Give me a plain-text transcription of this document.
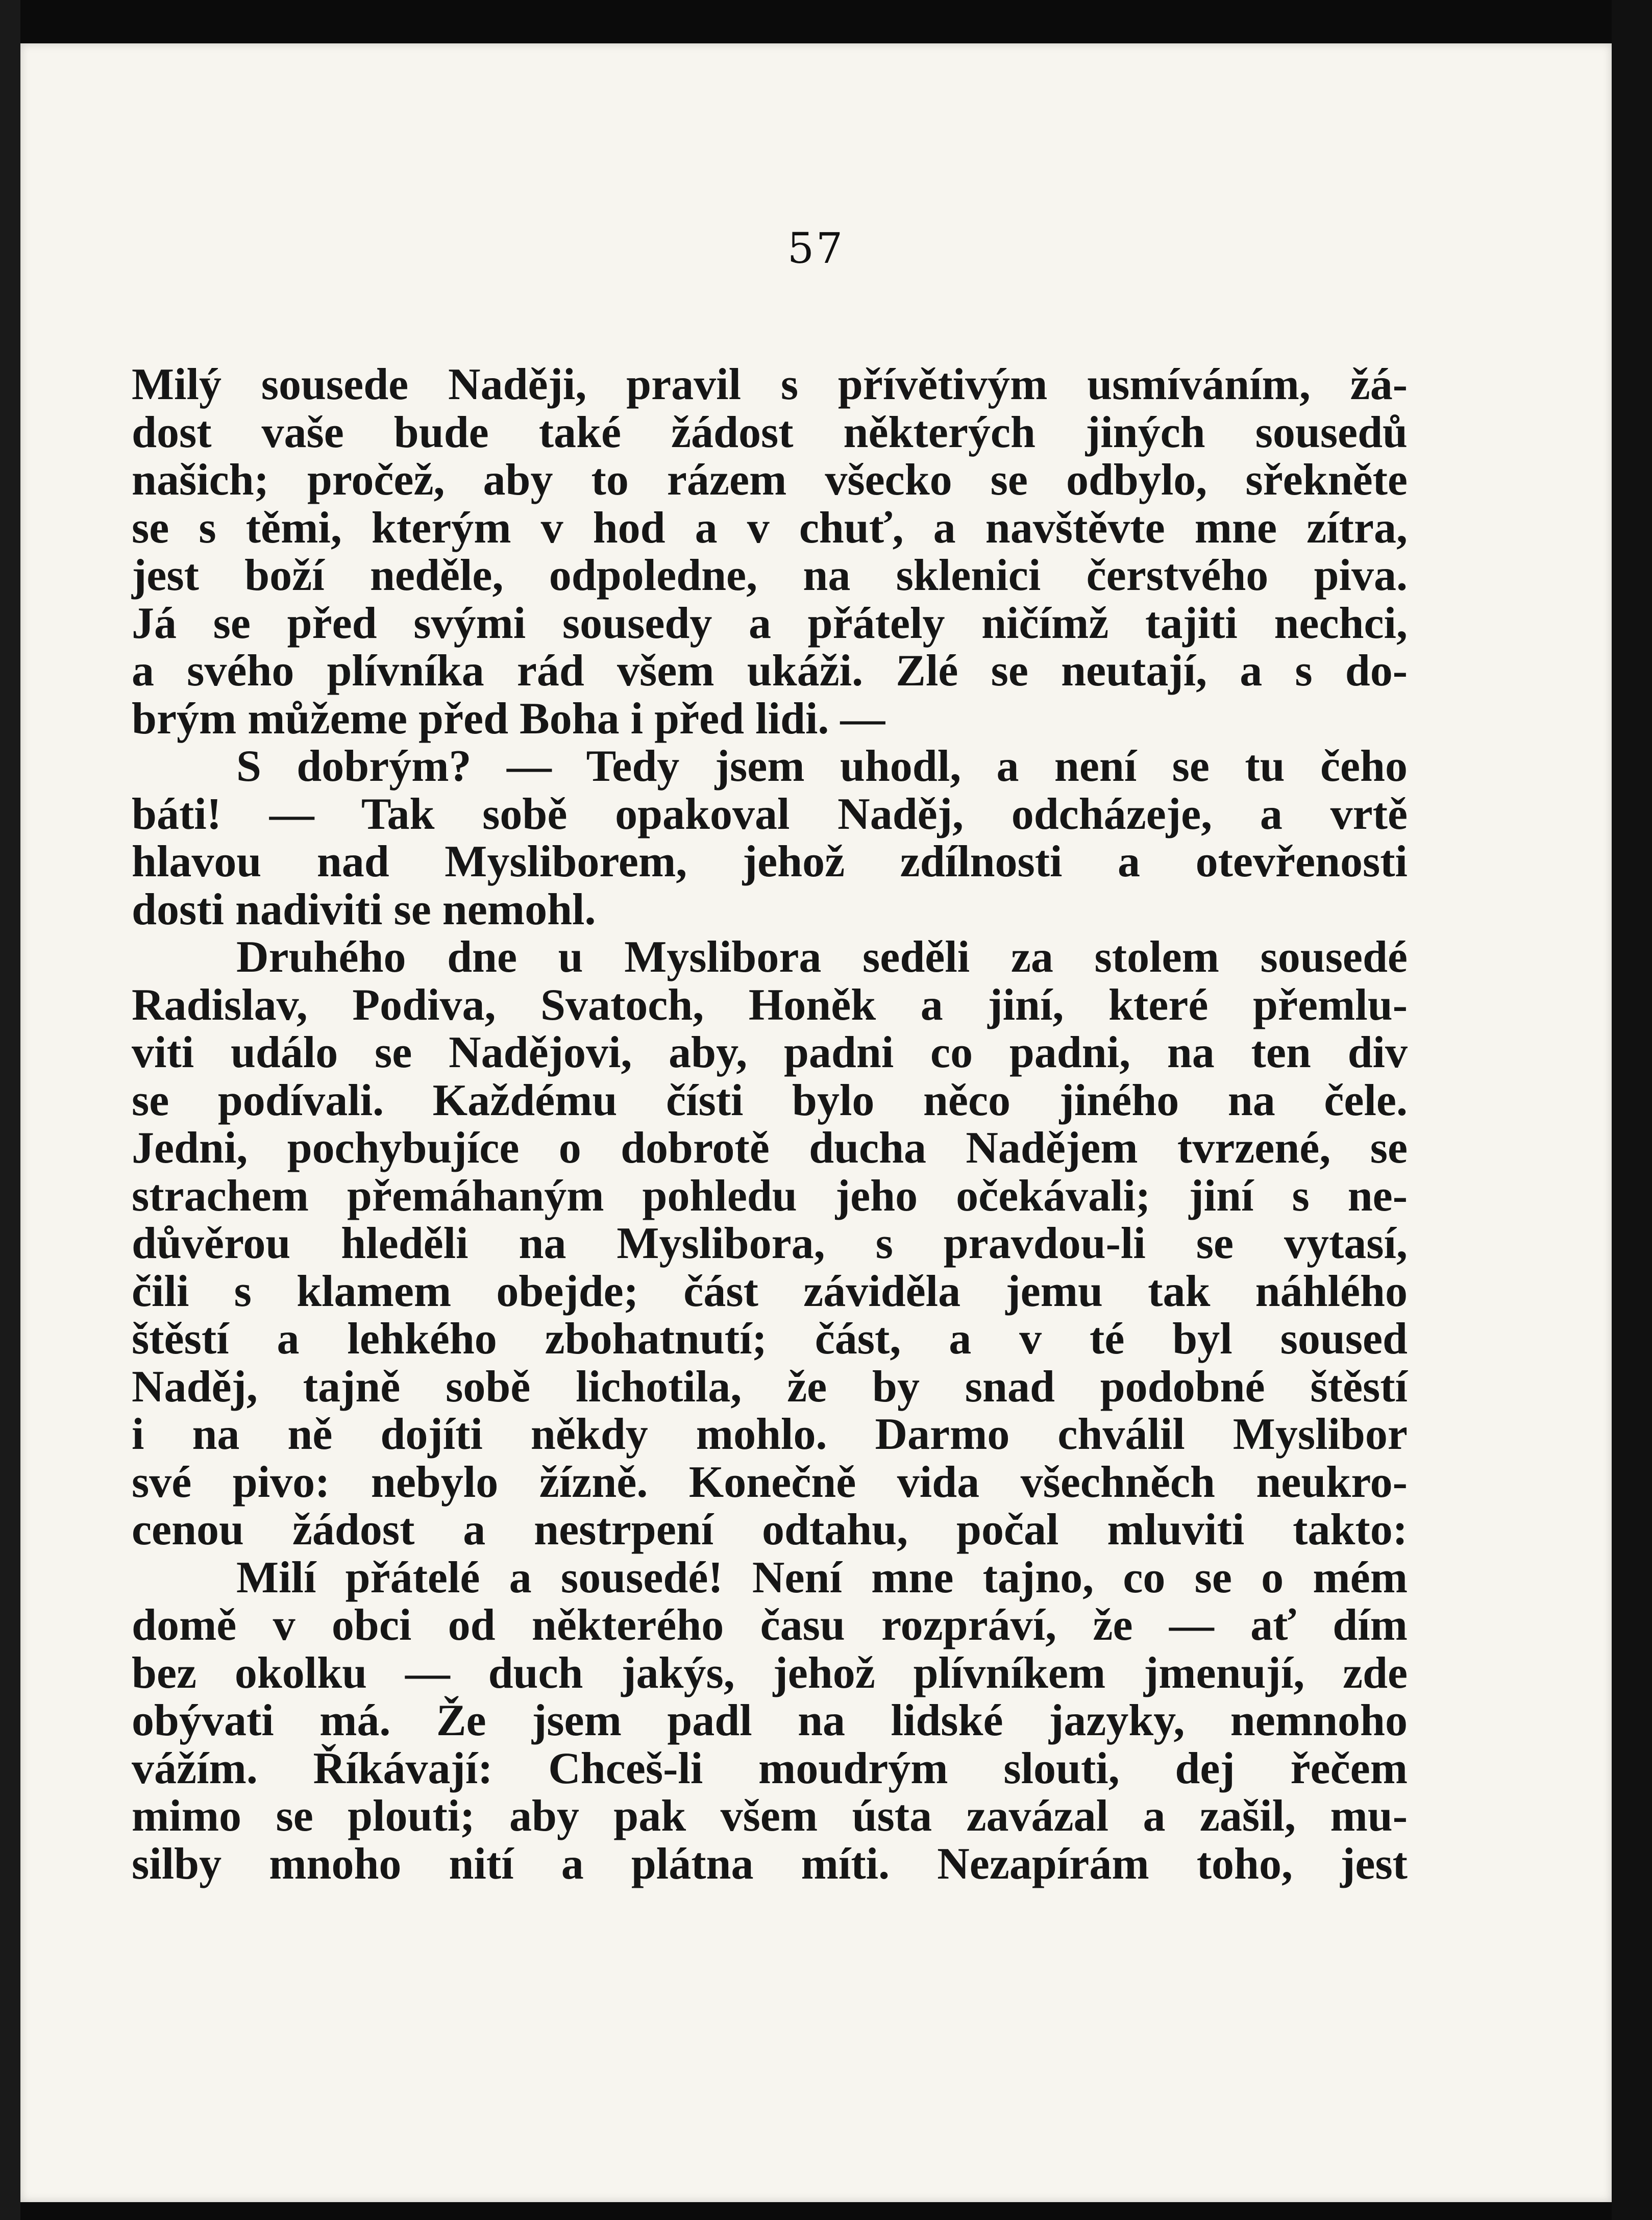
57
Milý sousede Naději, pravil s přívětivým usmíváním, žá-
dost vaše bude také žádost některých jiných sousedů
našich; pročež, aby to rázem všecko se odbylo, sřekněte
se s těmi, kterým v hod a v chuť, a navštěvte mne zítra,
jest boží neděle, odpoledne, na sklenici čerstvého piva.
Já se před svými sousedy a přátely ničímž tajiti nechci,
a svého plívníka rád všem ukáži. Zlé se neutají, a s do-
brým můžeme před Boha i před lidi. —
S dobrým? — Tedy jsem uhodl, a není se tu čeho
báti! — Tak sobě opakoval Naděj, odcházeje, a vrtě
hlavou nad Mysliborem, jehož zdílnosti a otevřenosti
dosti nadiviti se nemohl.
Druhého dne u Myslibora seděli za stolem sousedé
Radislav, Podiva, Svatoch, Honěk a jiní, které přemlu-
viti událo se Nadějovi, aby, padni co padni, na ten div
se podívali. Každému čísti bylo něco jiného na čele.
Jedni, pochybujíce o dobrotě ducha Nadějem tvrzené, se
strachem přemáhaným pohledu jeho očekávali; jiní s ne-
důvěrou hleděli na Myslibora, s pravdou-li se vytasí,
čili s klamem obejde; část záviděla jemu tak náhlého
štěstí a lehkého zbohatnutí; část, a v té byl soused
Naděj, tajně sobě lichotila, že by snad podobné štěstí
i na ně dojíti někdy mohlo. Darmo chválil Myslibor
své pivo: nebylo žízně. Konečně vida všechněch neukro-
cenou žádost a nestrpení odtahu, počal mluviti takto:
Milí přátelé a sousedé! Není mne tajno, co se o mém
domě v obci od některého času rozpráví, že — ať dím
bez okolku — duch jakýs, jehož plívníkem jmenují, zde
obývati má. Že jsem padl na lidské jazyky, nemnoho
vážím. Říkávají: Chceš-li moudrým slouti, dej řečem
mimo se plouti; aby pak všem ústa zavázal a zašil, mu-
silby mnoho nití a plátna míti. Nezapírám toho, jest
